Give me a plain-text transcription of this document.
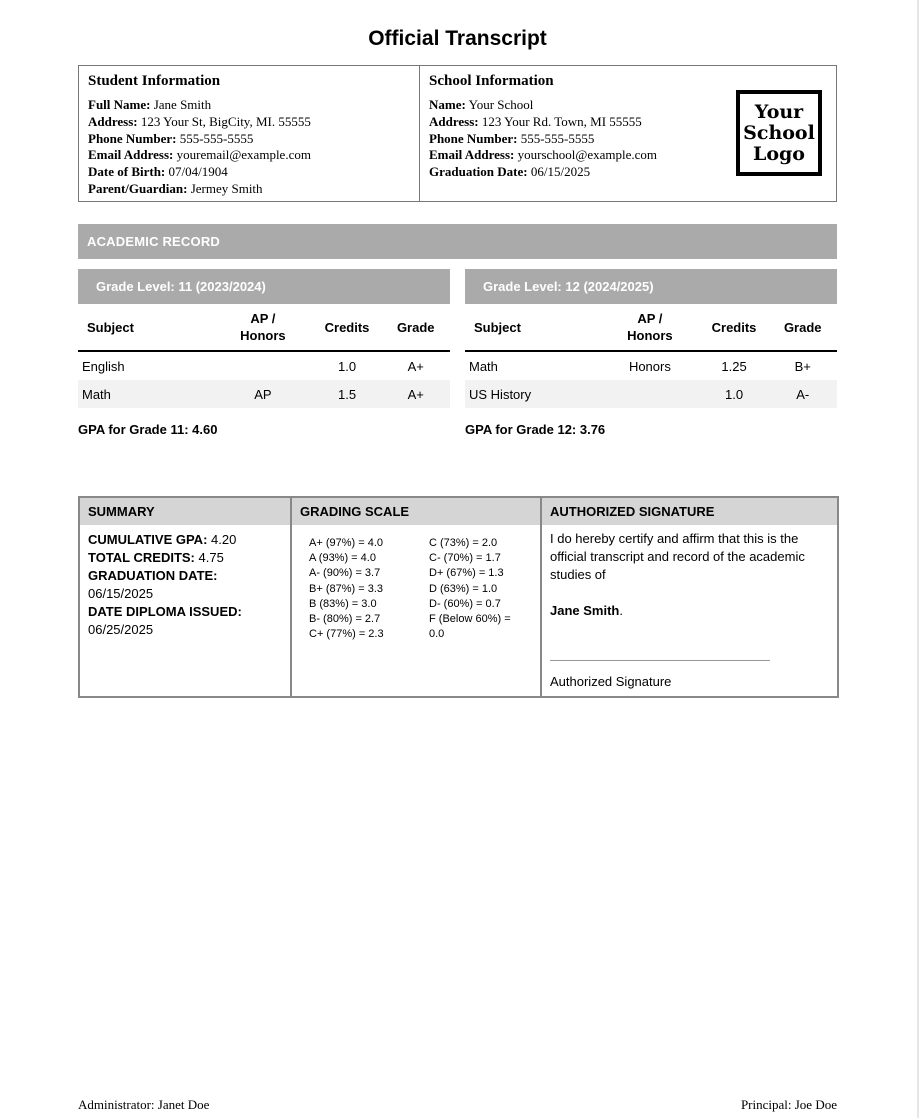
Official Transcript
Student Information
Full Name: Jane Smith
Address: 123 Your St, BigCity, MI. 55555
Phone Number: 555-555-5555
Email Address: youremail@example.com
Date of Birth: 07/04/1904
Parent/Guardian: Jermey Smith
School Information
Name: Your School
Address: 123 Your Rd. Town, MI 55555
Phone Number: 555-555-5555
Email Address: yourschool@example.com
Graduation Date: 06/15/2025
Your
School
Logo
ACADEMIC RECORD
Grade Level: 11 (2023/2024)
Subject	AP /
Honors	Credits	Grade
English		1.0	A+
Math	AP	1.5	A+
Grade Level: 12 (2024/2025)
Subject	AP /
Honors	Credits	Grade
Math	Honors	1.25	B+
US History		1.0	A-
GPA for Grade 11: 4.60	GPA for Grade 12: 3.76
SUMMARY
CUMULATIVE GPA: 4.20
TOTAL CREDITS: 4.75
GRADUATION DATE:
06/15/2025
DATE DIPLOMA ISSUED:
06/25/2025
GRADING SCALE
A+ (97%) = 4.0
A (93%) = 4.0
A- (90%) = 3.7
B+ (87%) = 3.3
B (83%) = 3.0
B- (80%) = 2.7
C+ (77%) = 2.3
C (73%) = 2.0
C- (70%) = 1.7
D+ (67%) = 1.3
D (63%) = 1.0
D- (60%) = 0.7
F (Below 60%) =
0.0
AUTHORIZED SIGNATURE
I do hereby certify and affirm that this is the official transcript and record of the academic studies of
Jane Smith.
Authorized Signature
Administrator: Janet Doe	Principal: Joe Doe
